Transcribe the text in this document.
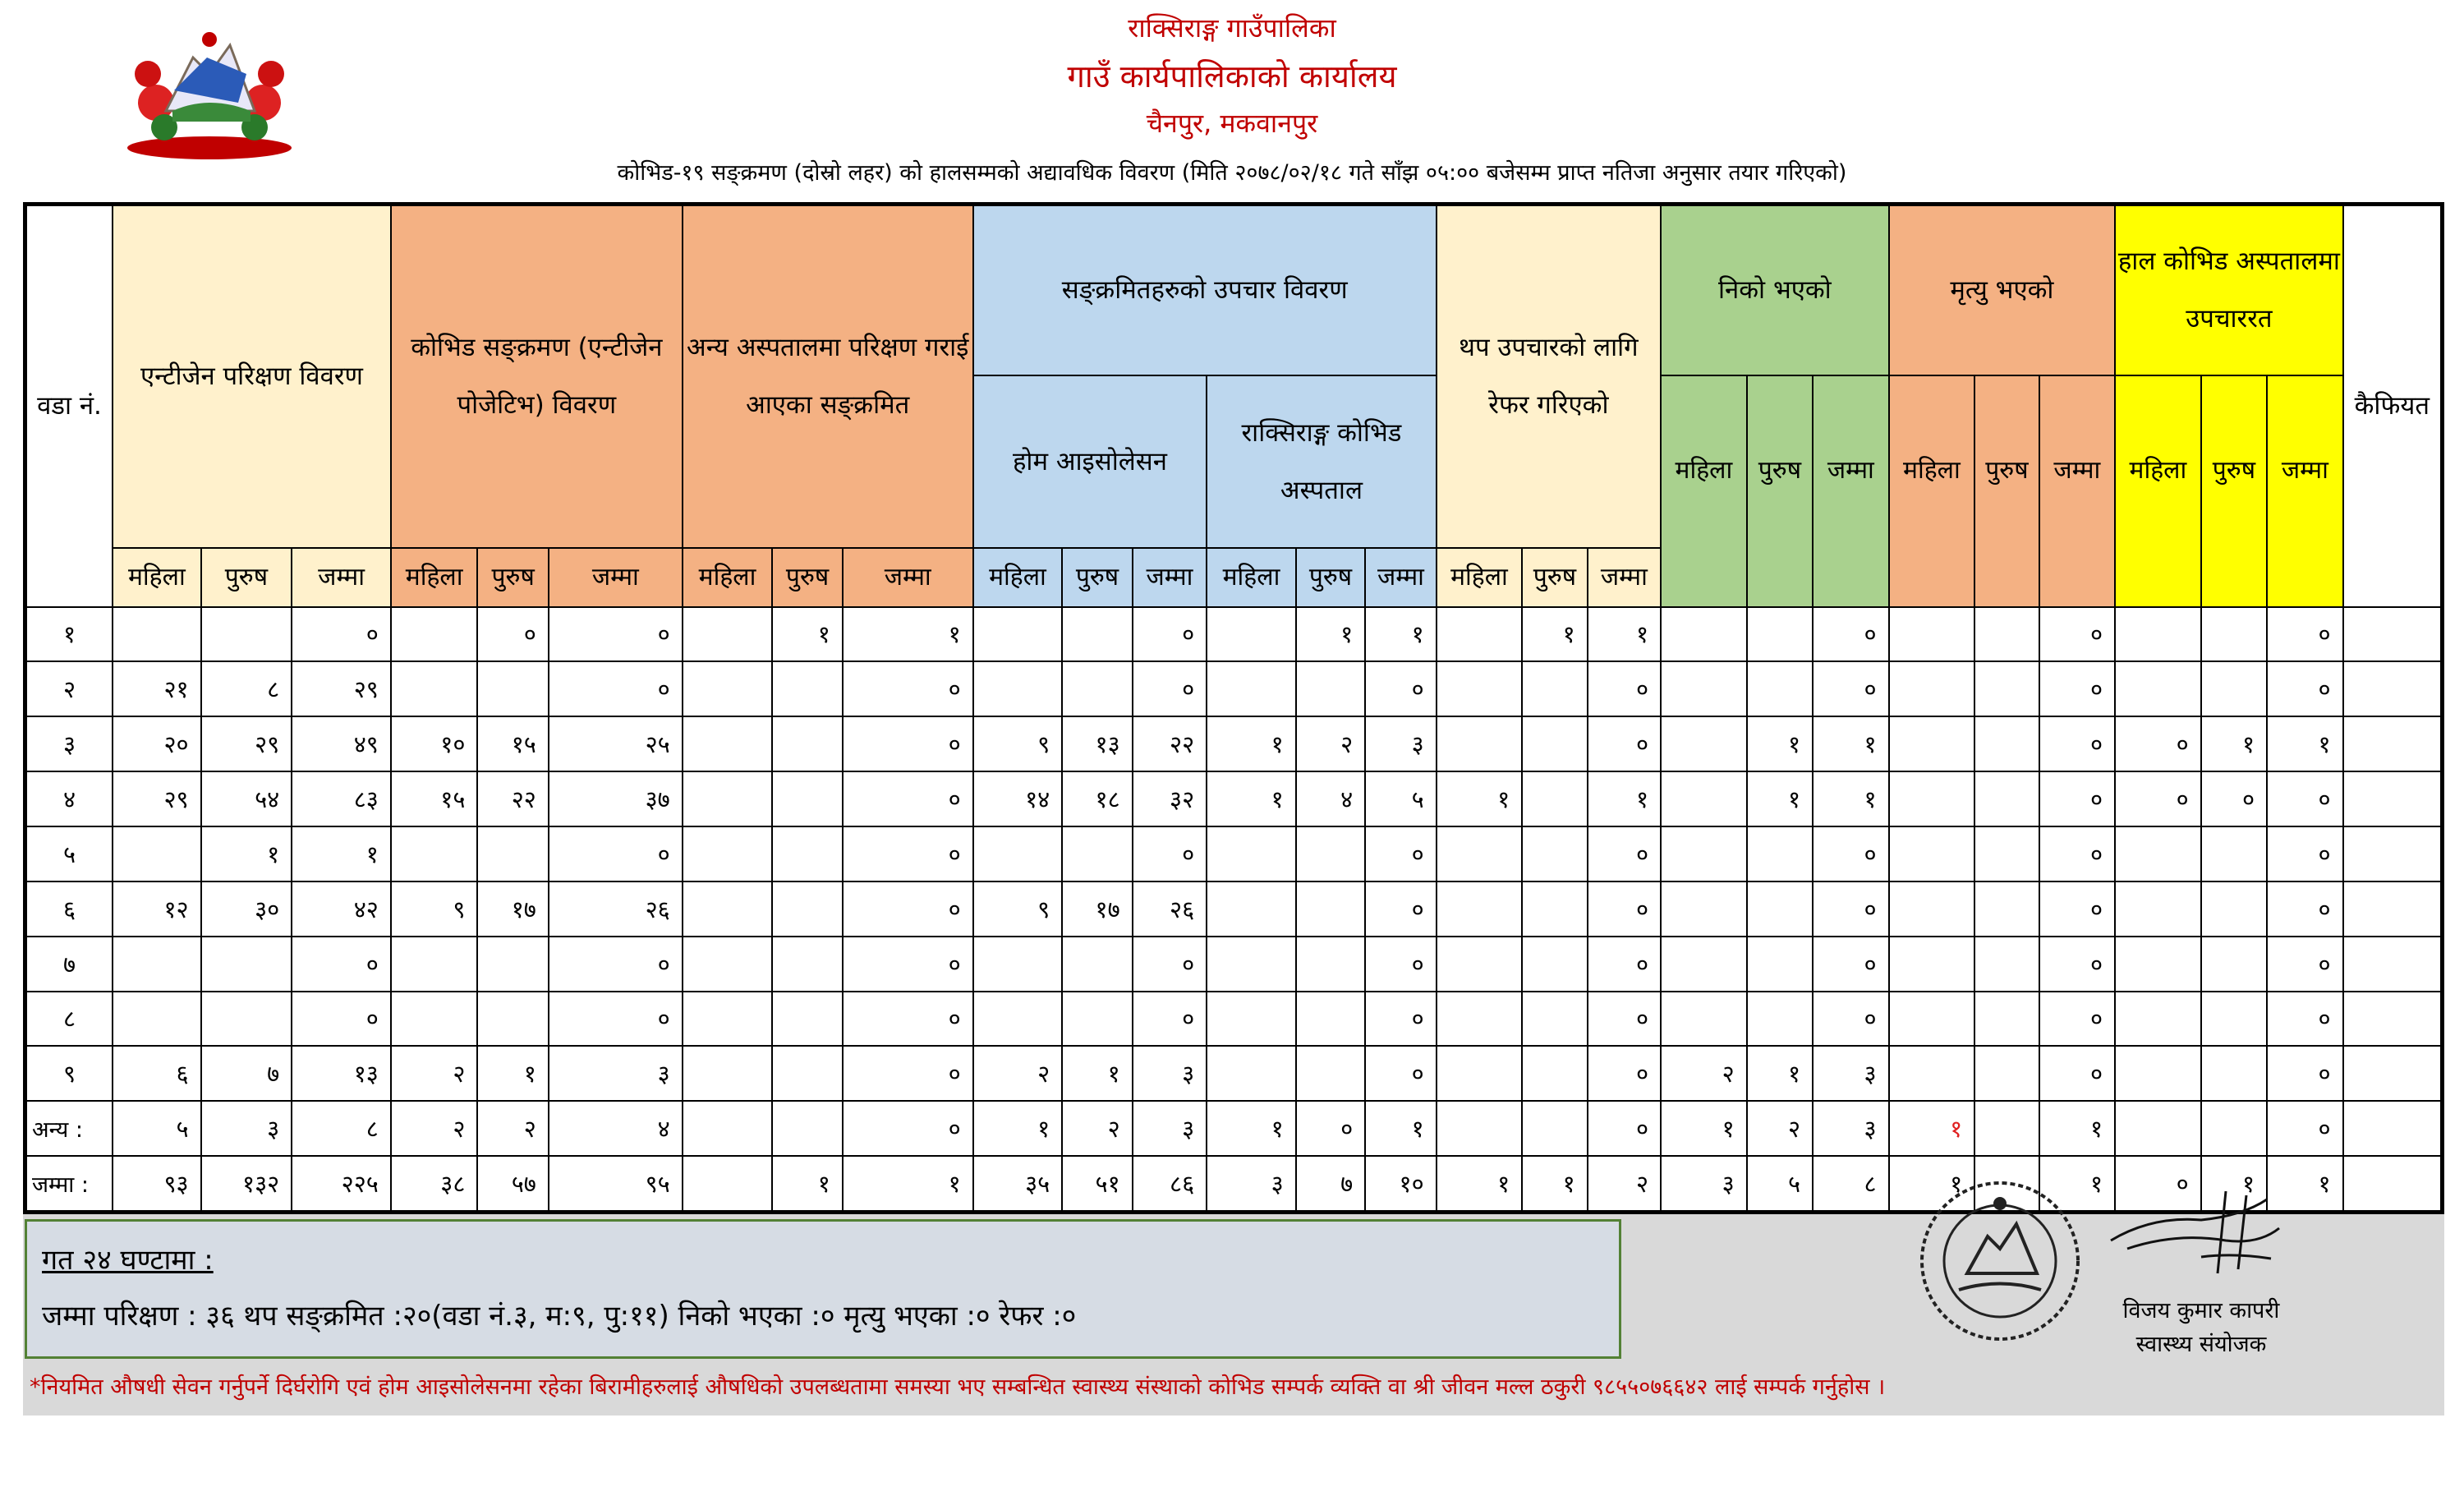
राक्सिराङ्ग गाउँपालिका
गाउँ कार्यपालिकाको कार्यालय
चैनपुर, मकवानपुर

कोभिड-१९ सङ्क्रमण (दोस्रो लहर) को हालसम्मको अद्यावधिक विवरण (मिति २०७८/०२/१८ गते साँझ ०५:०० बजेसम्म प्राप्त नतिजा अनुसार तयार गरिएको)

वडा नं.	एन्टीजेन परिक्षण विवरण			कोभिड सङ्क्रमण (एन्टीजेन पोजेटिभ) विवरण			अन्य अस्पतालमा परिक्षण गराई आएका सङ्क्रमित			सङ्क्रमितहरुको उपचार विवरण						थप उपचारको लागि रेफर गरिएको			निको भएको			मृत्यु भएको			हाल कोभिड अस्पतालमा उपचाररत			कैफियत
										होम आइसोलेसन			राक्सिराङ्ग कोभिड अस्पताल						महिला	पुरुष	जम्मा	महिला	पुरुष	जम्मा	महिला	पुरुष	जम्मा	
	महिला	पुरुष	जम्मा	महिला	पुरुष	जम्मा	महिला	पुरुष	जम्मा	महिला	पुरुष	जम्मा	महिला	पुरुष	जम्मा	महिला	पुरुष	जम्मा										
१			०		०	०		१	१			०		१	१		१	१			०			०			०	
२	२१	८	२९			०			०			०			०			०			०			०			०	
३	२०	२९	४९	१०	१५	२५			०	९	१३	२२	१	२	३			०		१	१			०	०	१	१	
४	२९	५४	८३	१५	२२	३७			०	१४	१८	३२	१	४	५	१		१		१	१			०	०	०	०	
५		१	१			०			०			०			०			०			०			०			०	
६	१२	३०	४२	९	१७	२६			०	९	१७	२६			०			०			०			०			०	
७			०			०			०			०			०			०			०			०			०	
८			०			०			०			०			०			०			०			०			०	
९	६	७	१३	२	१	३			०	२	१	३			०			०	२	१	३			०			०	
अन्य :	५	३	८	२	२	४			०	१	२	३	१	०	१			०	१	२	३	१		१			०	
जम्मा :	९३	१३२	२२५	३८	५७	९५		१	१	३५	५१	८६	३	७	१०	१	१	२	३	५	८	१		१	०	१	१	

गत २४ घण्टामा :

जम्मा परिक्षण : ३६ थप सङ्क्रमित :२०(वडा नं.३, म:९, पु:११) निको भएका :० मृत्यु भएका :० रेफर :०	विजय कुमार कापरी

स्वास्थ्य संयोजक

*नियमित औषधी सेवन गर्नुपर्ने दिर्घरोगि एवं होम आइसोलेसनमा रहेका बिरामीहरुलाई औषधिको उपलब्धतामा समस्या भए सम्बन्धित स्वास्थ्य संस्थाको कोभिड सम्पर्क व्यक्ति वा श्री जीवन मल्ल ठकुरी ९८५५०७६६४२ लाई सम्पर्क गर्नुहोस ।
